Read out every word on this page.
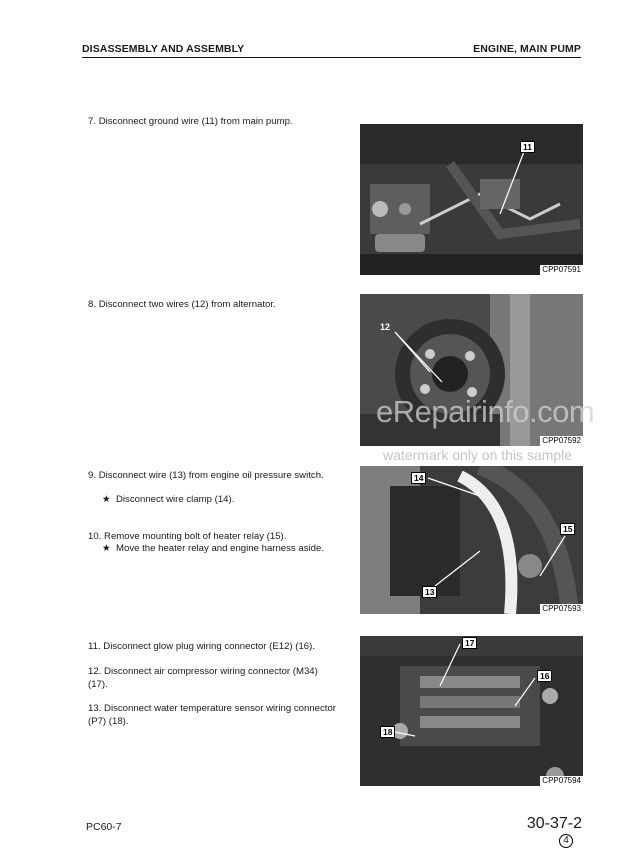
DISASSEMBLY AND ASSEMBLY	ENGINE, MAIN PUMP
7. Disconnect ground wire (11) from main pump.
8. Disconnect two wires (12) from alternator.
9. Disconnect wire (13) from engine oil pressure switch.
★ Disconnect wire clamp (14).
10. Remove mounting bolt of heater relay (15).
★ Move the heater relay and engine harness aside.
11. Disconnect glow plug wiring connector (E12) (16).
12. Disconnect air compressor wiring connector (M34) (17).
13. Disconnect water temperature sensor wiring connector (P7) (18).
11
CPP07591
12
CPP07592
14
15
13
CPP07593
17
16
18
CPP07594
eRepairinfo.com
watermark only on this sample
PC60-7	30-37-2
4
